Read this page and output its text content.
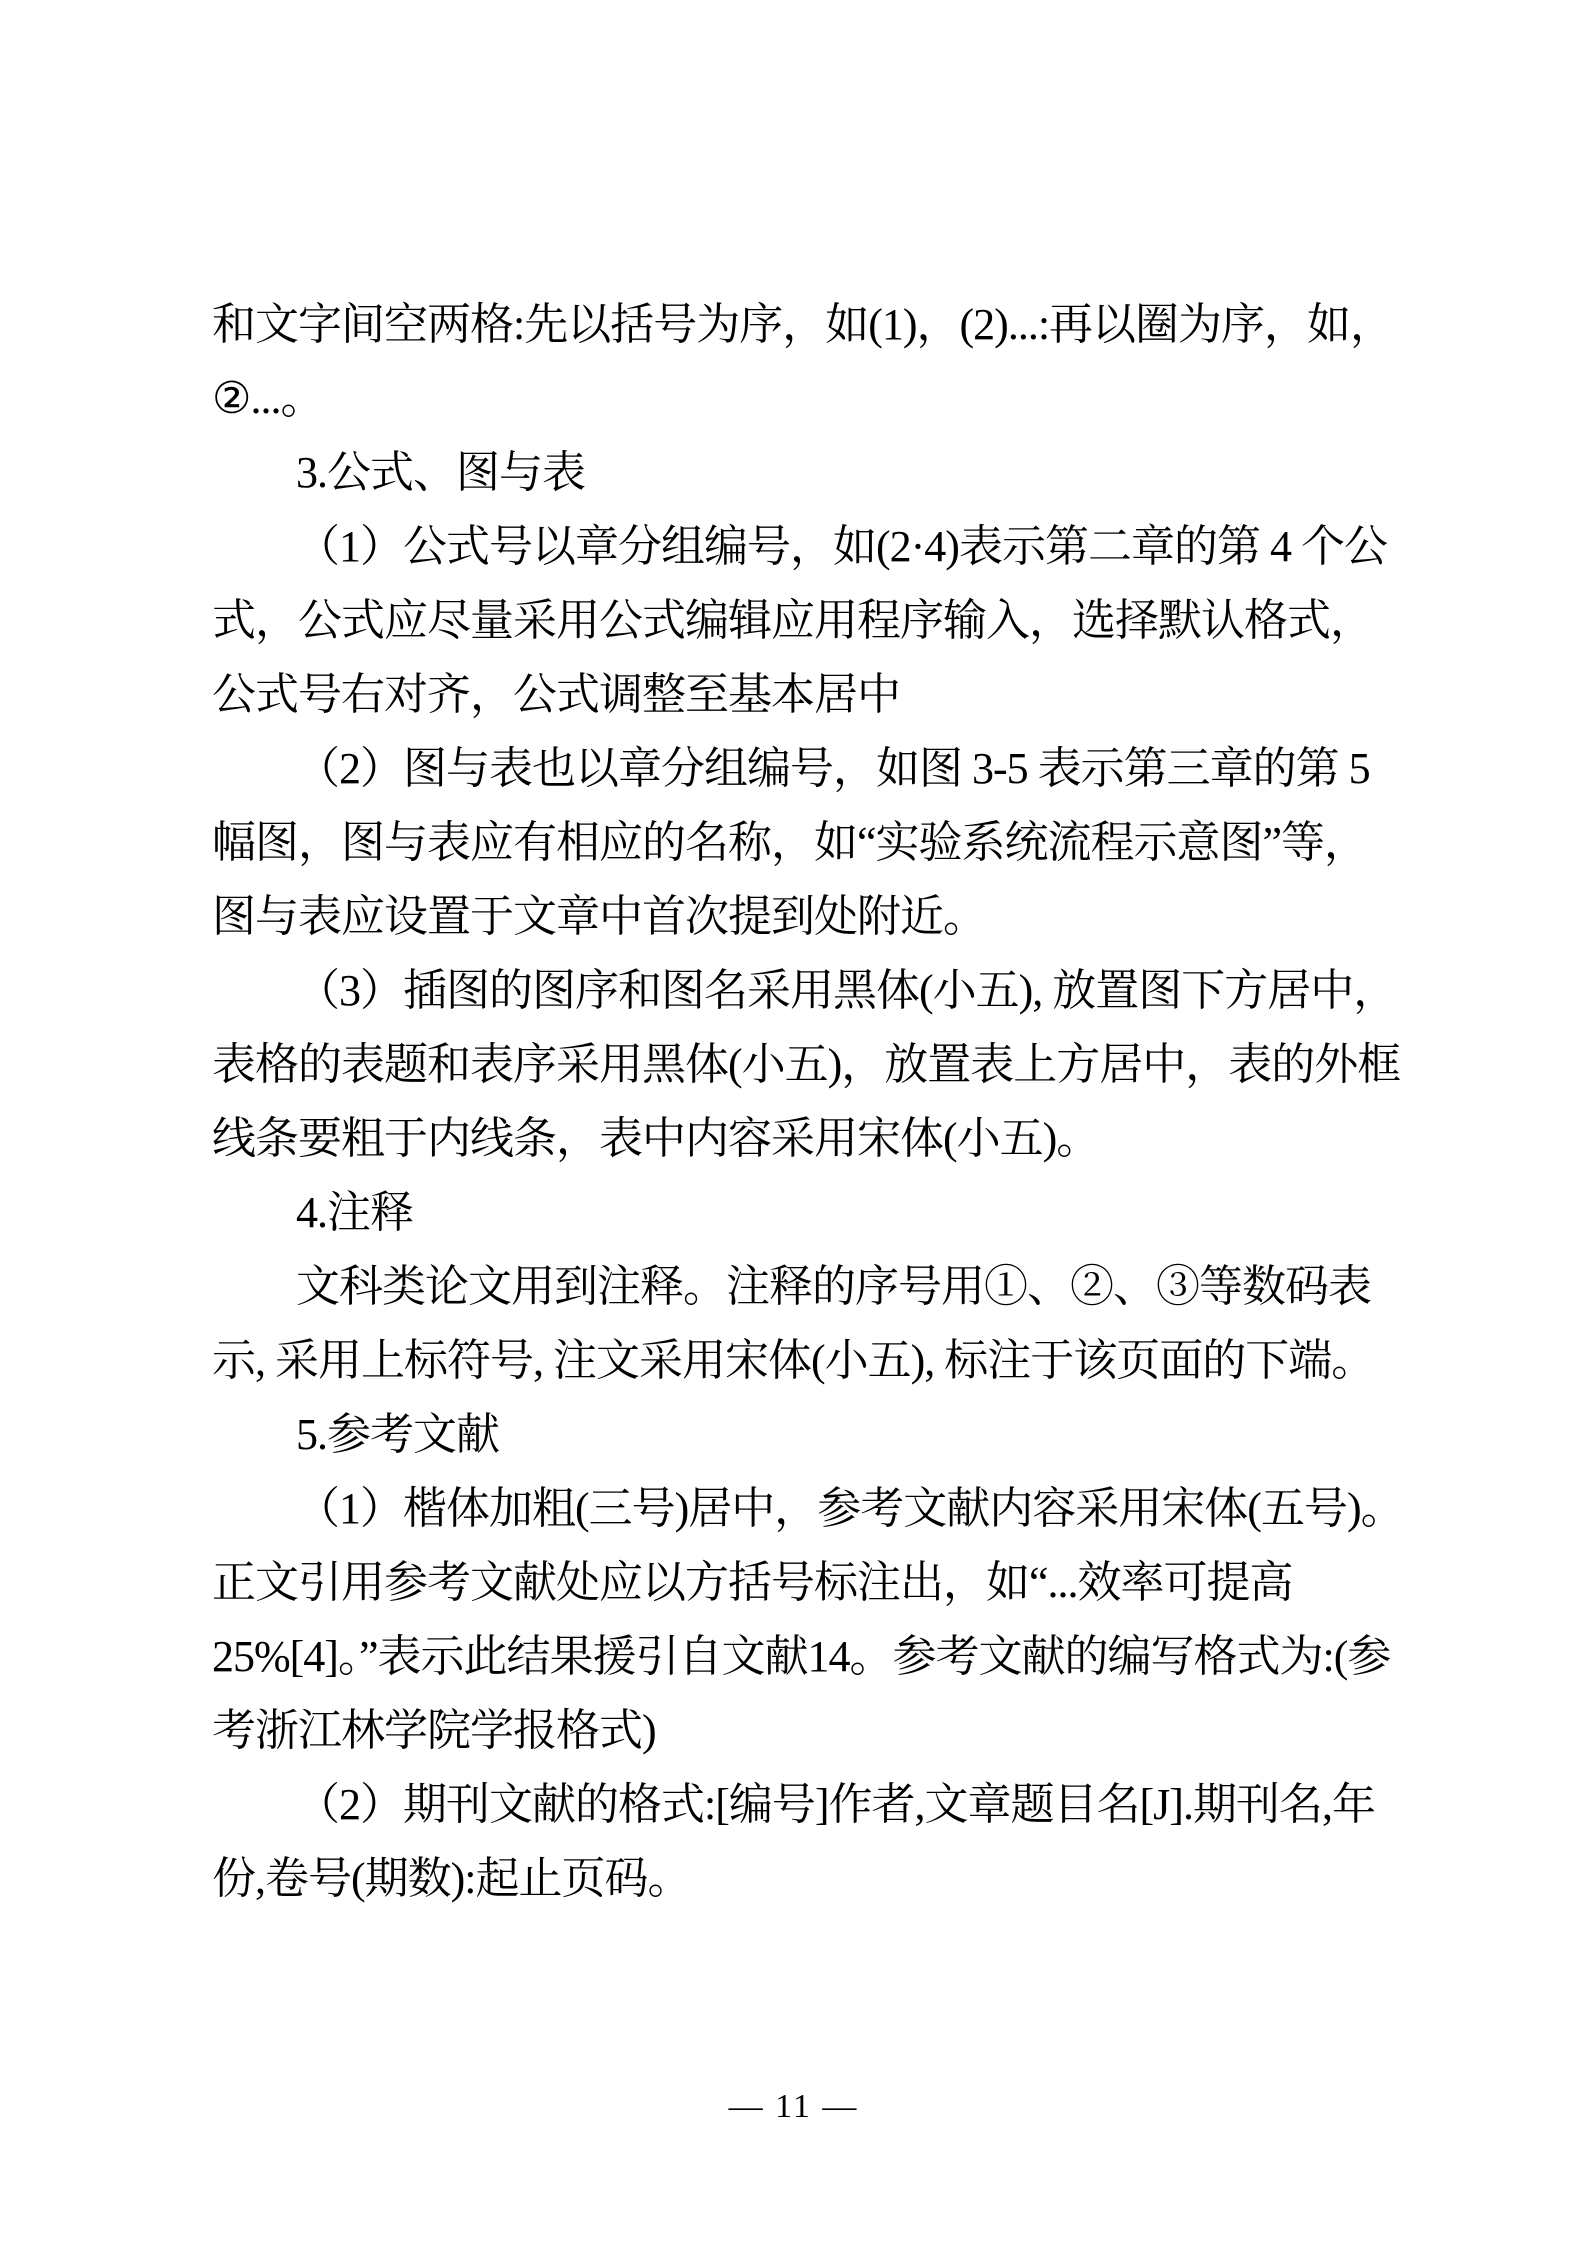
和文字间空两格:先以括号为序，如(1)，(2)...:再以圈为序，如，
②...。
3.公式、图与表
（1）公式号以章分组编号，如(2·4)表示第二章的第 4 个公
式，公式应尽量采用公式编辑应用程序输入，选择默认格式，
公式号右对齐，公式调整至基本居中
（2）图与表也以章分组编号，如图 3-5 表示第三章的第 5
幅图，图与表应有相应的名称，如“实验系统流程示意图”等，
图与表应设置于文章中首次提到处附近。
（3）插图的图序和图名采用黑体(小五), 放置图下方居中，
表格的表题和表序采用黑体(小五)，放置表上方居中，表的外框
线条要粗于内线条，表中内容采用宋体(小五)。
4.注释
文科类论文用到注释。注释的序号用①、②、③等数码表
示, 采用上标符号, 注文采用宋体(小五), 标注于该页面的下端。
5.参考文献
（1）楷体加粗(三号)居中，参考文献内容采用宋体(五号)。
正文引用参考文献处应以方括号标注出，如“...效率可提高
25%[4]。”表示此结果援引自文献14。参考文献的编写格式为:(参
考浙江林学院学报格式)
（2）期刊文献的格式:[编号]作者,文章题目名[J].期刊名,年
份,卷号(期数):起止页码。
— 11 —
